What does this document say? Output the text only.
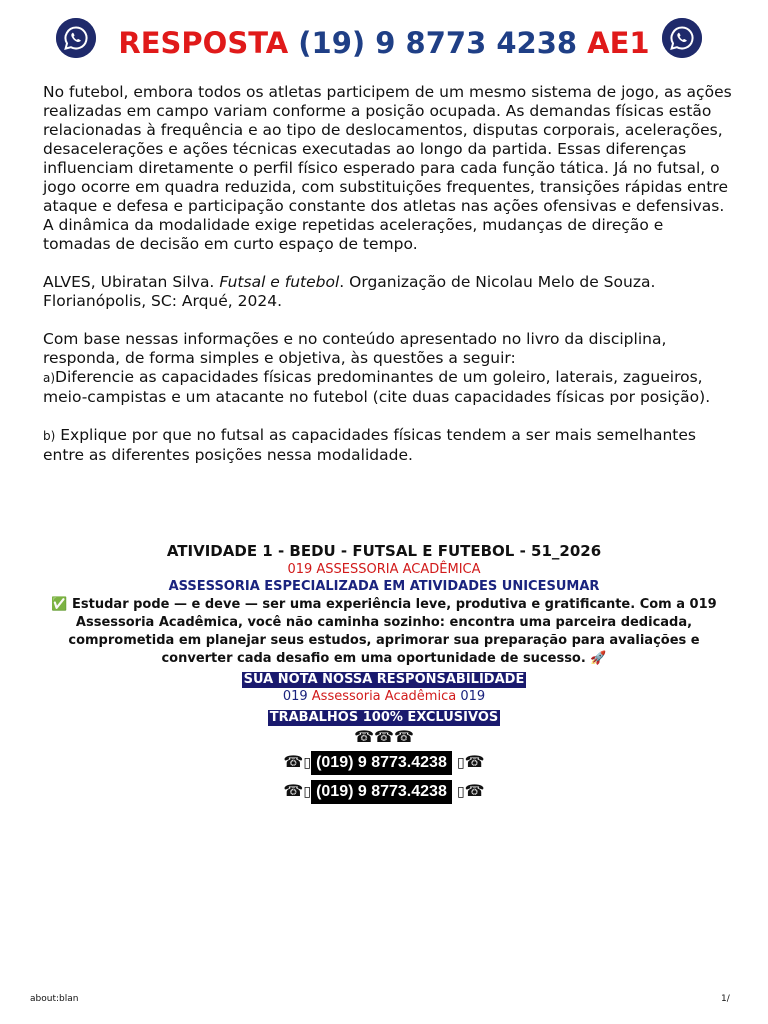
RESPOSTA (19) 9 8773 4238 AE1

No futebol, embora todos os atletas participem de um mesmo sistema de jogo, as ações realizadas em campo variam conforme a posição ocupada. As demandas físicas estão relacionadas à frequência e ao tipo de deslocamentos, disputas corporais, acelerações, desacelerações e ações técnicas executadas ao longo da partida. Essas diferenças influenciam diretamente o perfil físico esperado para cada função tática. Já no futsal, o jogo ocorre em quadra reduzida, com substituições frequentes, transições rápidas entre ataque e defesa e participação constante dos atletas nas ações ofensivas e defensivas. A dinâmica da modalidade exige repetidas acelerações, mudanças de direção e tomadas de decisão em curto espaço de tempo.

ALVES, Ubiratan Silva. Futsal e futebol. Organização de Nicolau Melo de Souza. Florianópolis, SC: Arqué, 2024.

Com base nessas informações e no conteúdo apresentado no livro da disciplina, responda, de forma simples e objetiva, às questões a seguir:

a)Diferencie as capacidades físicas predominantes de um goleiro, laterais, zagueiros, meio-campistas e um atacante no futebol (cite duas capacidades físicas por posição).

b) Explique por que no futsal as capacidades físicas tendem a ser mais semelhantes entre as diferentes posições nessa modalidade.

ATIVIDADE 1 - BEDU - FUTSAL E FUTEBOL - 51_2026
019 ASSESSORIA ACADÊMICA
ASSESSORIA ESPECIALIZADA EM ATIVIDADES UNICESUMAR
✅ Estudar pode — e deve — ser uma experiência leve, produtiva e gratificante. Com a 019 Assessoria Acadêmica, você não caminha sozinho: encontra uma parceira dedicada, comprometida em planejar seus estudos, aprimorar sua preparação para avaliações e converter cada desafio em uma oportunidade de sucesso. 🚀
SUA NOTA NOSSA RESPONSABILIDADE
019 Assessoria Acadêmica 019
TRABALHOS 100% EXCLUSIVOS
☎☎☎
☎▯ (019) 9 8773.4238 ▯☎
☎▯ (019) 9 8773.4238 ▯☎
about:blan	1/
